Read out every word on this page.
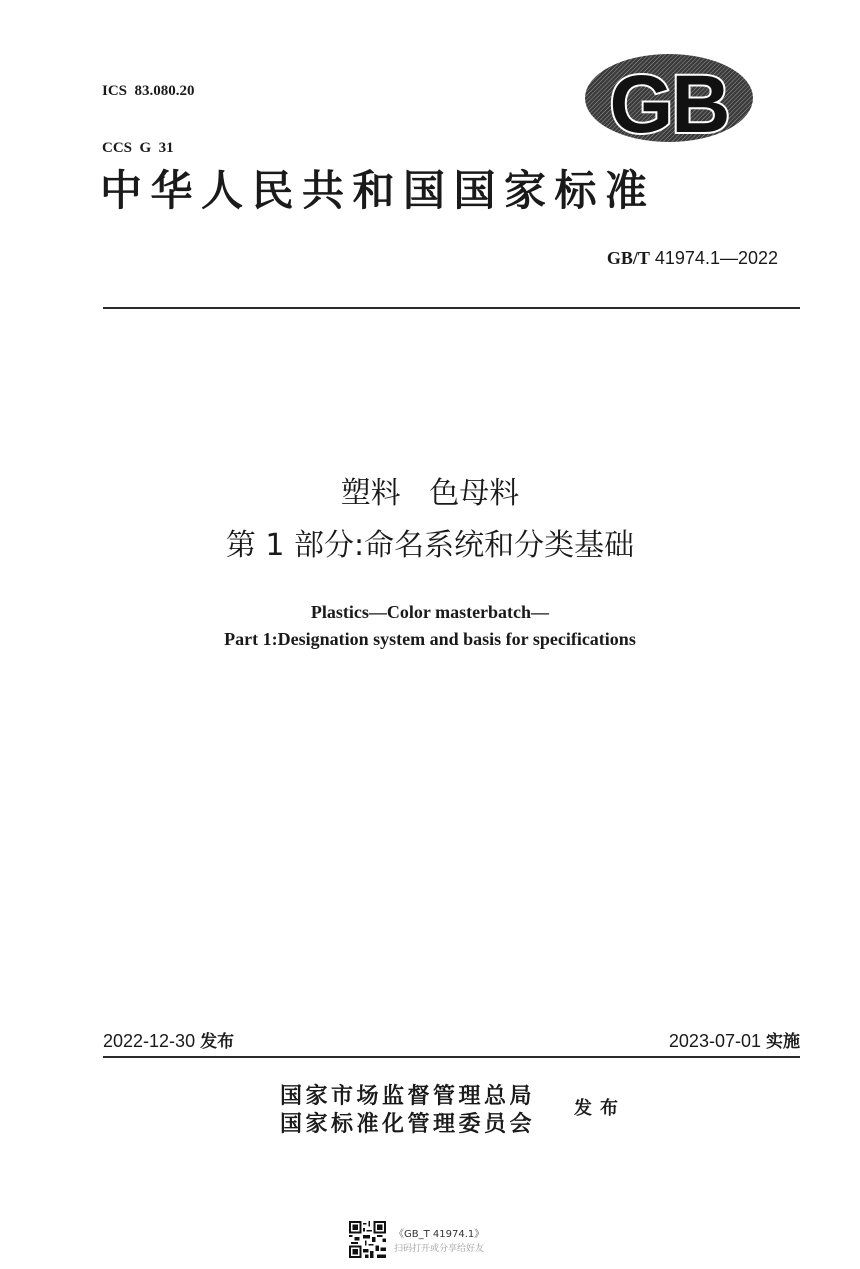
ICS  83.080.20

CCS  G  31	GB
中华人民共和国国家标准
GB/T 41974.1—2022
塑料   色母料
第 1 部分:命名系统和分类基础
Plastics—Color masterbatch—
Part 1:Designation system and basis for specifications
2022-12-30 发布	2023-07-01 实施
国家市场监督管理总局
国家标准化管理委员会
发布
《GB_T 41974.1》
扫码打开或分享给好友
